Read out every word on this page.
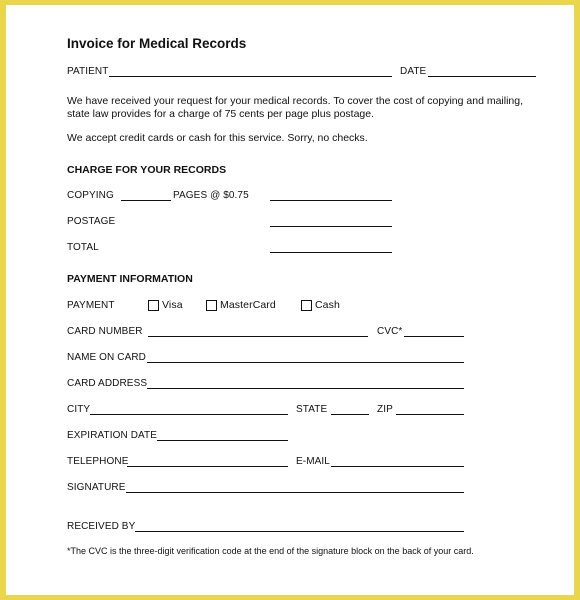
Invoice for Medical Records
PATIENT	DATE
We have received your request for your medical records. To cover the cost of copying and mailing, state law provides for a charge of 75 cents per page plus postage.
We accept credit cards or cash for this service. Sorry, no checks.
CHARGE FOR YOUR RECORDS
COPYING	PAGES @ $0.75
POSTAGE
TOTAL
PAYMENT INFORMATION
PAYMENT	Visa	MasterCard	Cash
CARD NUMBER	CVC*
NAME ON CARD
CARD ADDRESS
CITY	STATE	ZIP
EXPIRATION DATE
TELEPHONE	E-MAIL
SIGNATURE
RECEIVED BY
*The CVC is the three-digit verification code at the end of the signature block on the back of your card.
